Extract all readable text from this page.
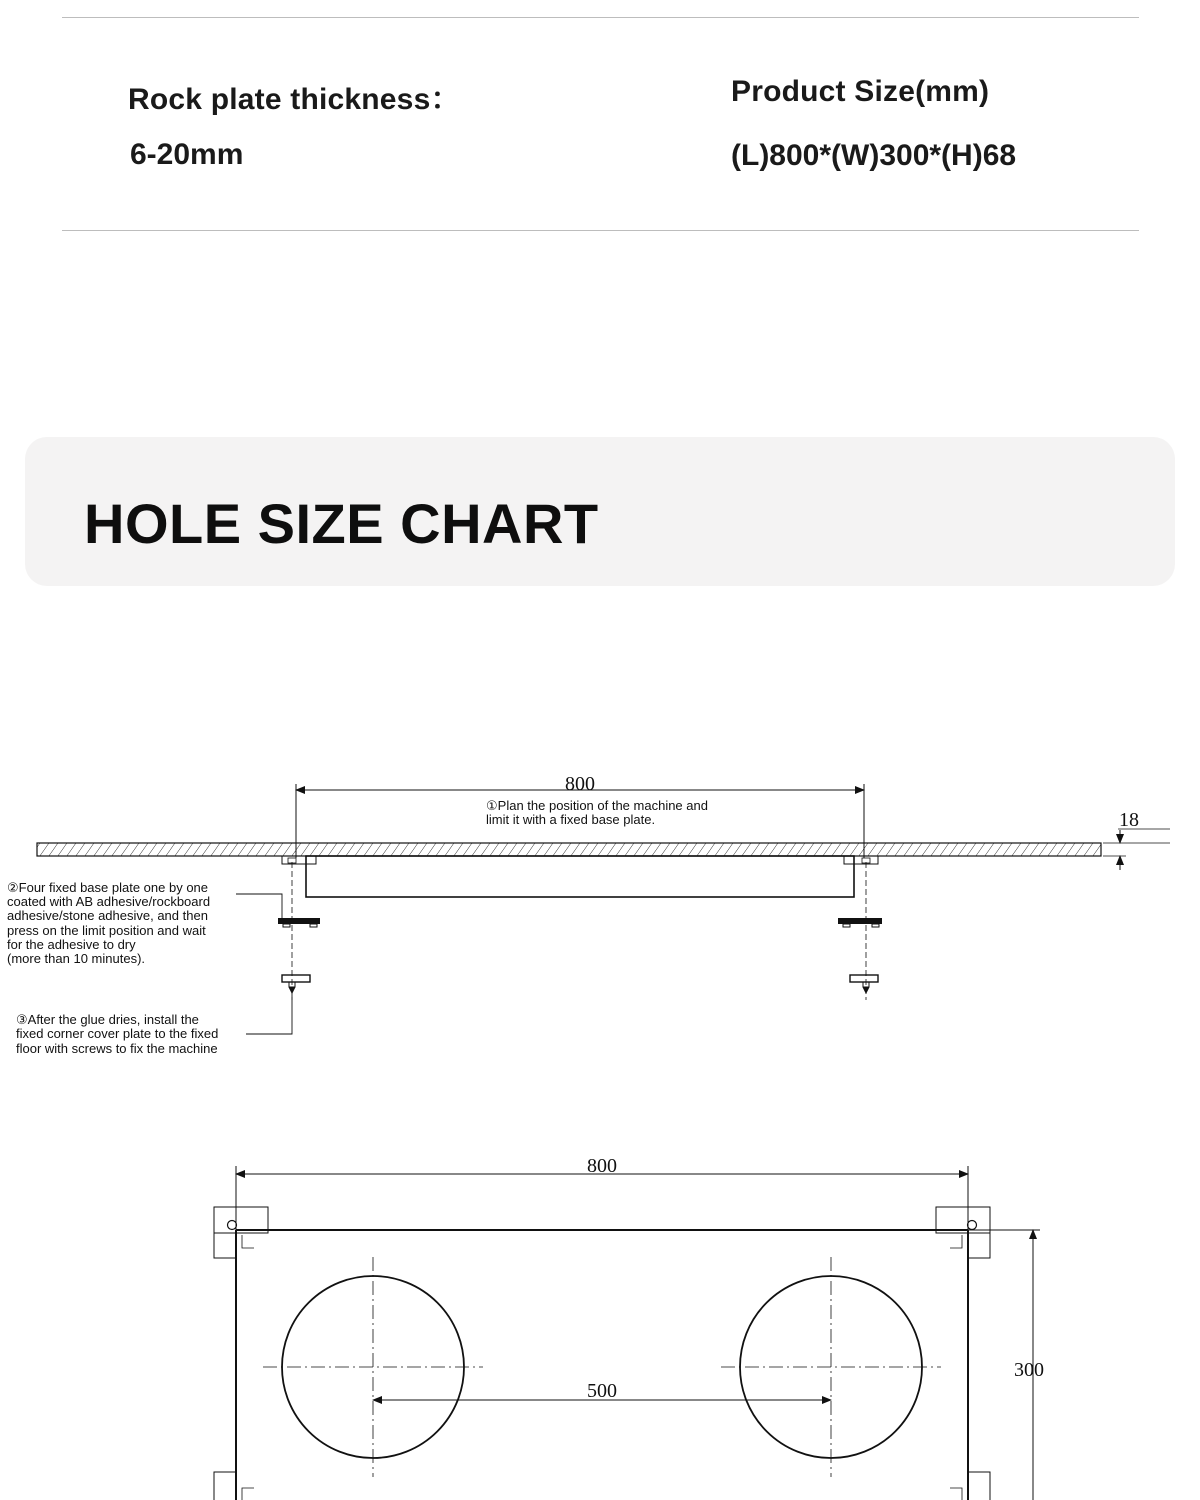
Rock plate thickness：
6-20mm
Product Size(mm)
(L)800*(W)300*(H)68
HOLE SIZE CHART
800
①Plan the position of the machine and limit it with a fixed base plate.	18
②Four fixed base plate one by one coated with AB adhesive/rockboard adhesive/stone adhesive, and then press on the limit position and wait for the adhesive to dry (more than 10 minutes).
③After the glue dries, install the fixed corner cover plate to the fixed floor with screws to fix the machine
800
300
500
